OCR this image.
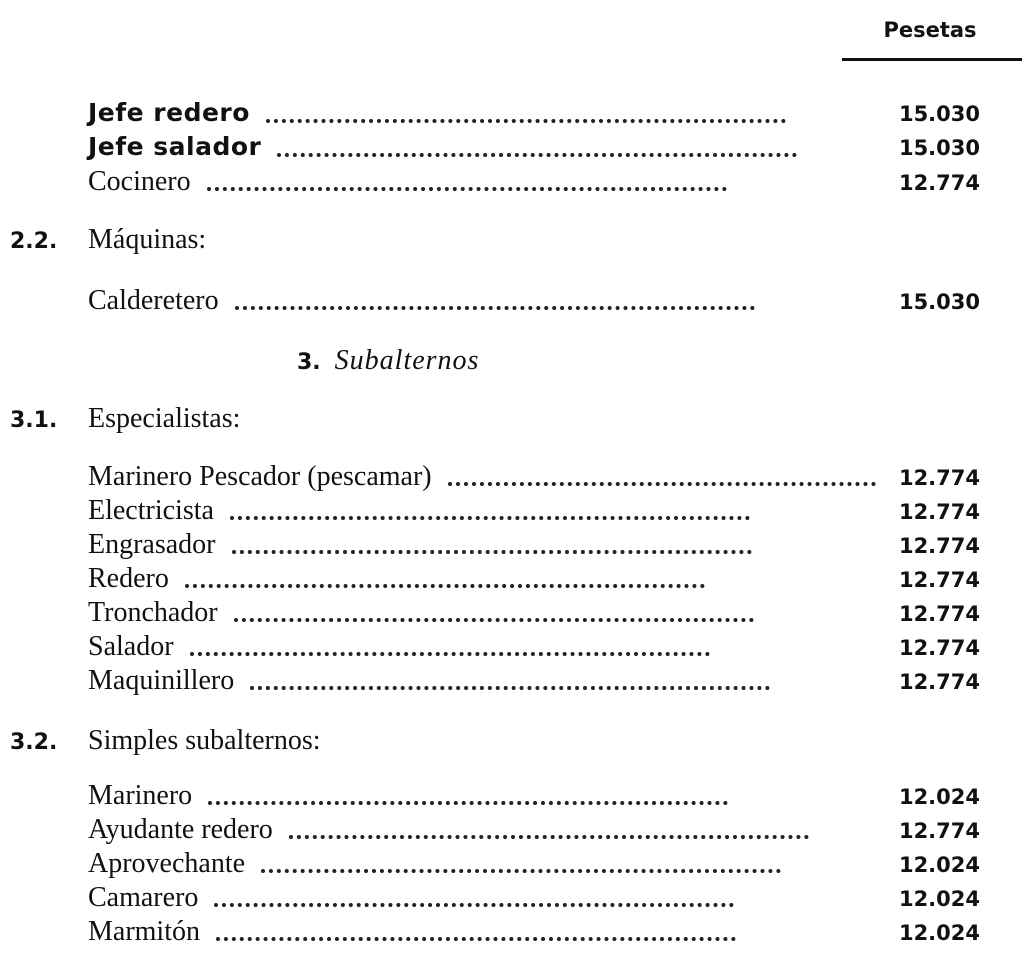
Pesetas
Jefe redero	15.030
Jefe salador	15.030
Cocinero	12.774
2.2. Máquinas:
Calderetero	15.030
3. Subalternos
3.1. Especialistas:
Marinero Pescador (pescamar)	12.774
Electricista	12.774
Engrasador	12.774
Redero	12.774
Tronchador	12.774
Salador	12.774
Maquinillero	12.774
3.2. Simples subalternos:
Marinero	12.024
Ayudante redero	12.774
Aprovechante	12.024
Camarero	12.024
Marmitón	12.024
